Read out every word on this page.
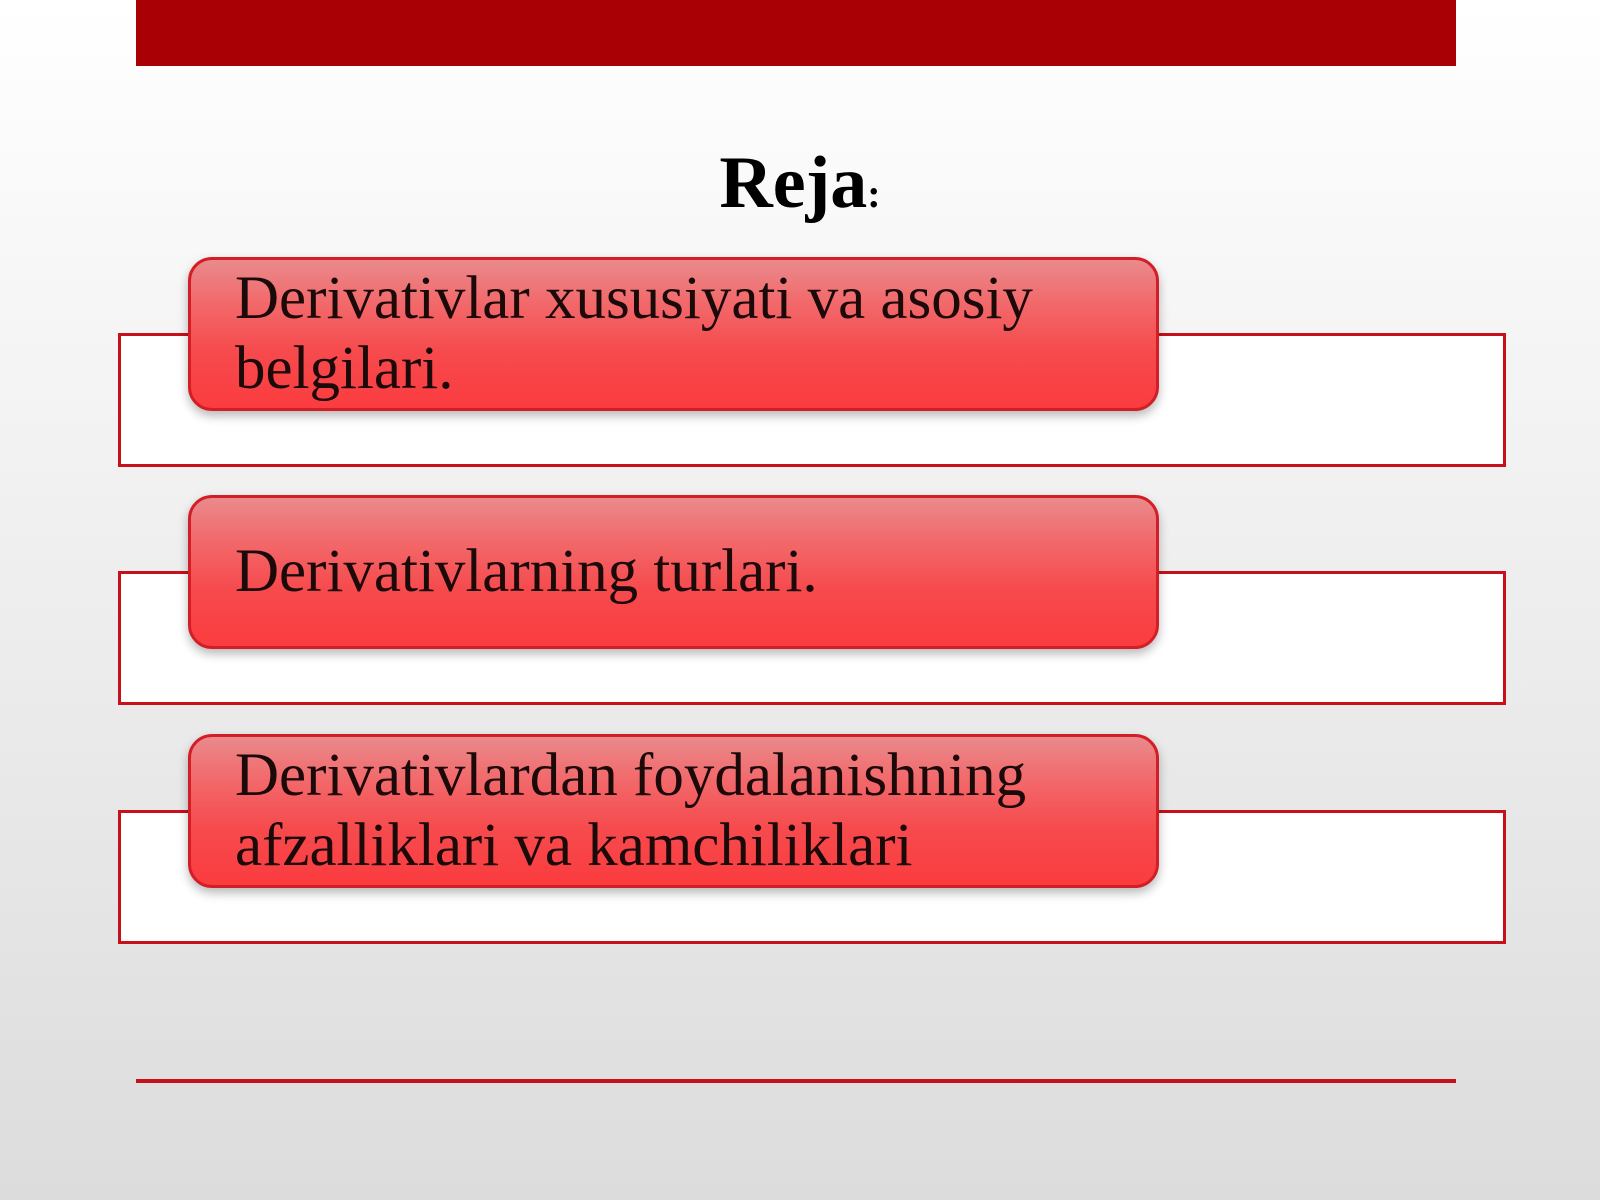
Reja:
Derivativlar xususiyati va asosiy belgilari.
Derivativlarning turlari.
Derivativlardan foydalanishning afzalliklari va kamchiliklari
